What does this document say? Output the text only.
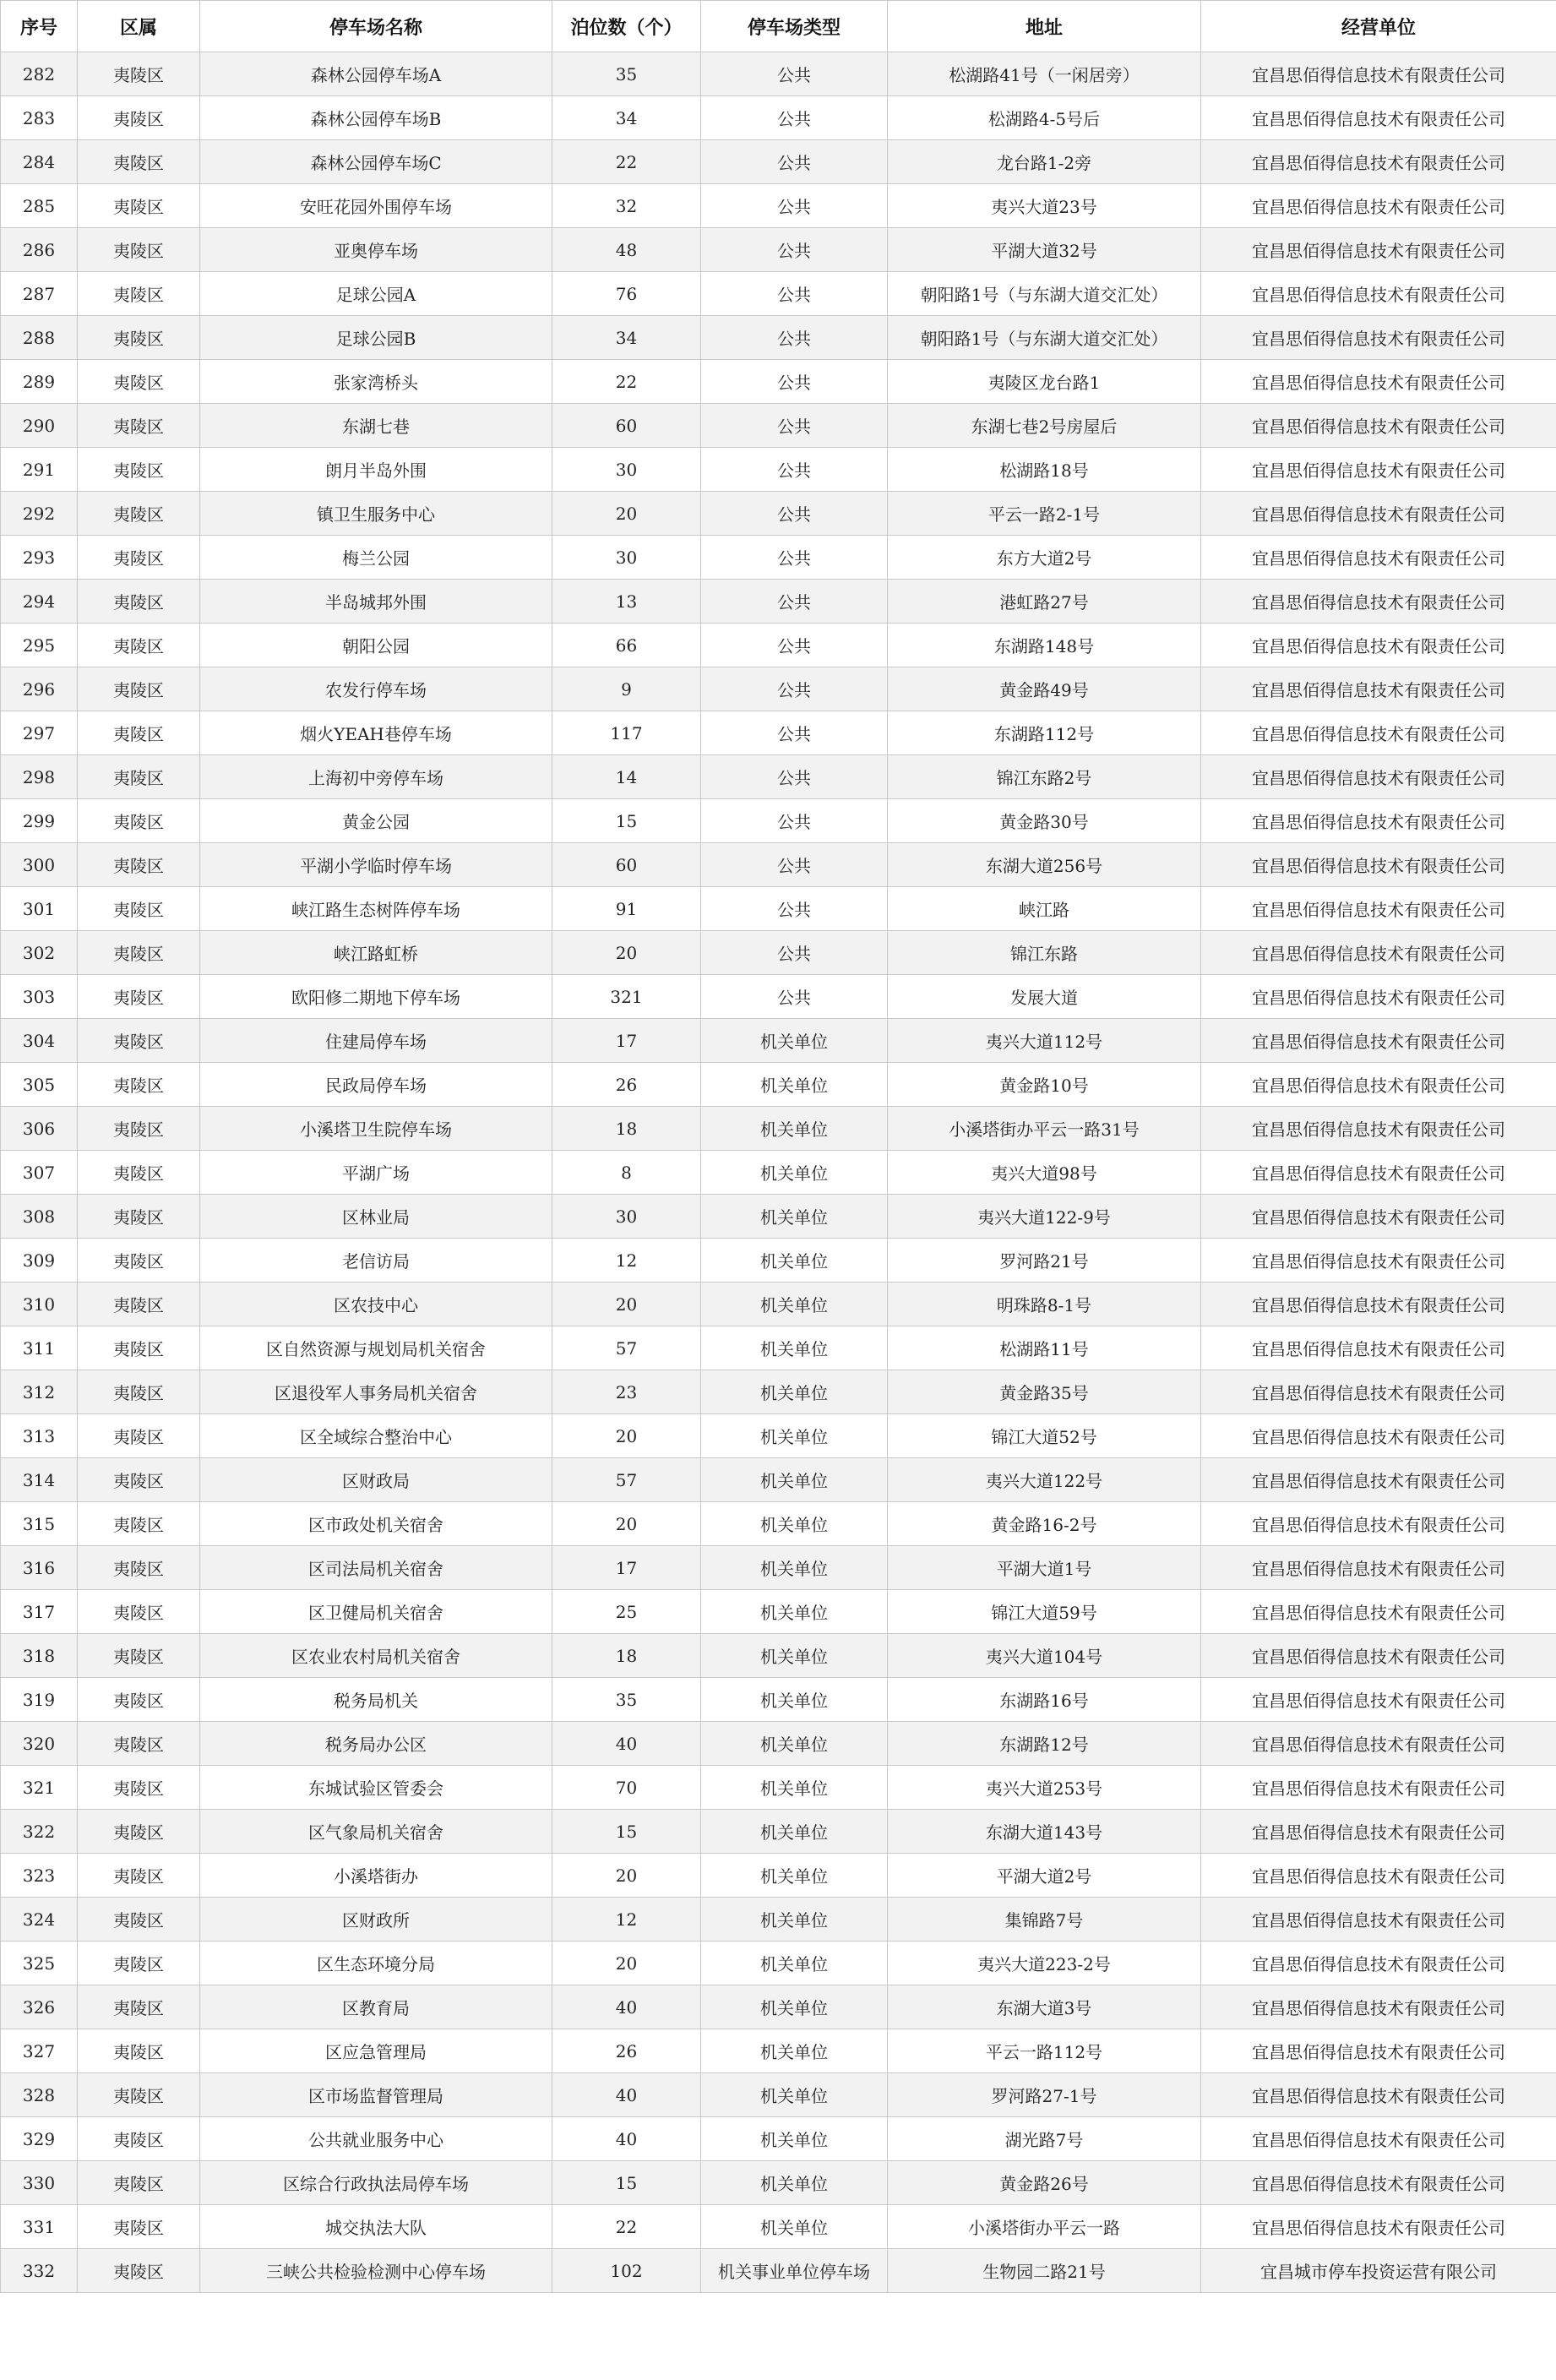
序号	区属	停车场名称	泊位数（个）	停车场类型	地址	经营单位
282	夷陵区	森林公园停车场A	35	公共	松湖路41号（一闲居旁）	宜昌思佰得信息技术有限责任公司
283	夷陵区	森林公园停车场B	34	公共	松湖路4-5号后	宜昌思佰得信息技术有限责任公司
284	夷陵区	森林公园停车场C	22	公共	龙台路1-2旁	宜昌思佰得信息技术有限责任公司
285	夷陵区	安旺花园外围停车场	32	公共	夷兴大道23号	宜昌思佰得信息技术有限责任公司
286	夷陵区	亚奥停车场	48	公共	平湖大道32号	宜昌思佰得信息技术有限责任公司
287	夷陵区	足球公园A	76	公共	朝阳路1号（与东湖大道交汇处）	宜昌思佰得信息技术有限责任公司
288	夷陵区	足球公园B	34	公共	朝阳路1号（与东湖大道交汇处）	宜昌思佰得信息技术有限责任公司
289	夷陵区	张家湾桥头	22	公共	夷陵区龙台路1	宜昌思佰得信息技术有限责任公司
290	夷陵区	东湖七巷	60	公共	东湖七巷2号房屋后	宜昌思佰得信息技术有限责任公司
291	夷陵区	朗月半岛外围	30	公共	松湖路18号	宜昌思佰得信息技术有限责任公司
292	夷陵区	镇卫生服务中心	20	公共	平云一路2-1号	宜昌思佰得信息技术有限责任公司
293	夷陵区	梅兰公园	30	公共	东方大道2号	宜昌思佰得信息技术有限责任公司
294	夷陵区	半岛城邦外围	13	公共	港虹路27号	宜昌思佰得信息技术有限责任公司
295	夷陵区	朝阳公园	66	公共	东湖路148号	宜昌思佰得信息技术有限责任公司
296	夷陵区	农发行停车场	9	公共	黄金路49号	宜昌思佰得信息技术有限责任公司
297	夷陵区	烟火YEAH巷停车场	117	公共	东湖路112号	宜昌思佰得信息技术有限责任公司
298	夷陵区	上海初中旁停车场	14	公共	锦江东路2号	宜昌思佰得信息技术有限责任公司
299	夷陵区	黄金公园	15	公共	黄金路30号	宜昌思佰得信息技术有限责任公司
300	夷陵区	平湖小学临时停车场	60	公共	东湖大道256号	宜昌思佰得信息技术有限责任公司
301	夷陵区	峡江路生态树阵停车场	91	公共	峡江路	宜昌思佰得信息技术有限责任公司
302	夷陵区	峡江路虹桥	20	公共	锦江东路	宜昌思佰得信息技术有限责任公司
303	夷陵区	欧阳修二期地下停车场	321	公共	发展大道	宜昌思佰得信息技术有限责任公司
304	夷陵区	住建局停车场	17	机关单位	夷兴大道112号	宜昌思佰得信息技术有限责任公司
305	夷陵区	民政局停车场	26	机关单位	黄金路10号	宜昌思佰得信息技术有限责任公司
306	夷陵区	小溪塔卫生院停车场	18	机关单位	小溪塔街办平云一路31号	宜昌思佰得信息技术有限责任公司
307	夷陵区	平湖广场	8	机关单位	夷兴大道98号	宜昌思佰得信息技术有限责任公司
308	夷陵区	区林业局	30	机关单位	夷兴大道122-9号	宜昌思佰得信息技术有限责任公司
309	夷陵区	老信访局	12	机关单位	罗河路21号	宜昌思佰得信息技术有限责任公司
310	夷陵区	区农技中心	20	机关单位	明珠路8-1号	宜昌思佰得信息技术有限责任公司
311	夷陵区	区自然资源与规划局机关宿舍	57	机关单位	松湖路11号	宜昌思佰得信息技术有限责任公司
312	夷陵区	区退役军人事务局机关宿舍	23	机关单位	黄金路35号	宜昌思佰得信息技术有限责任公司
313	夷陵区	区全域综合整治中心	20	机关单位	锦江大道52号	宜昌思佰得信息技术有限责任公司
314	夷陵区	区财政局	57	机关单位	夷兴大道122号	宜昌思佰得信息技术有限责任公司
315	夷陵区	区市政处机关宿舍	20	机关单位	黄金路16-2号	宜昌思佰得信息技术有限责任公司
316	夷陵区	区司法局机关宿舍	17	机关单位	平湖大道1号	宜昌思佰得信息技术有限责任公司
317	夷陵区	区卫健局机关宿舍	25	机关单位	锦江大道59号	宜昌思佰得信息技术有限责任公司
318	夷陵区	区农业农村局机关宿舍	18	机关单位	夷兴大道104号	宜昌思佰得信息技术有限责任公司
319	夷陵区	税务局机关	35	机关单位	东湖路16号	宜昌思佰得信息技术有限责任公司
320	夷陵区	税务局办公区	40	机关单位	东湖路12号	宜昌思佰得信息技术有限责任公司
321	夷陵区	东城试验区管委会	70	机关单位	夷兴大道253号	宜昌思佰得信息技术有限责任公司
322	夷陵区	区气象局机关宿舍	15	机关单位	东湖大道143号	宜昌思佰得信息技术有限责任公司
323	夷陵区	小溪塔街办	20	机关单位	平湖大道2号	宜昌思佰得信息技术有限责任公司
324	夷陵区	区财政所	12	机关单位	集锦路7号	宜昌思佰得信息技术有限责任公司
325	夷陵区	区生态环境分局	20	机关单位	夷兴大道223-2号	宜昌思佰得信息技术有限责任公司
326	夷陵区	区教育局	40	机关单位	东湖大道3号	宜昌思佰得信息技术有限责任公司
327	夷陵区	区应急管理局	26	机关单位	平云一路112号	宜昌思佰得信息技术有限责任公司
328	夷陵区	区市场监督管理局	40	机关单位	罗河路27-1号	宜昌思佰得信息技术有限责任公司
329	夷陵区	公共就业服务中心	40	机关单位	湖光路7号	宜昌思佰得信息技术有限责任公司
330	夷陵区	区综合行政执法局停车场	15	机关单位	黄金路26号	宜昌思佰得信息技术有限责任公司
331	夷陵区	城交执法大队	22	机关单位	小溪塔街办平云一路	宜昌思佰得信息技术有限责任公司
332	夷陵区	三峡公共检验检测中心停车场	102	机关事业单位停车场	生物园二路21号	宜昌城市停车投资运营有限公司
